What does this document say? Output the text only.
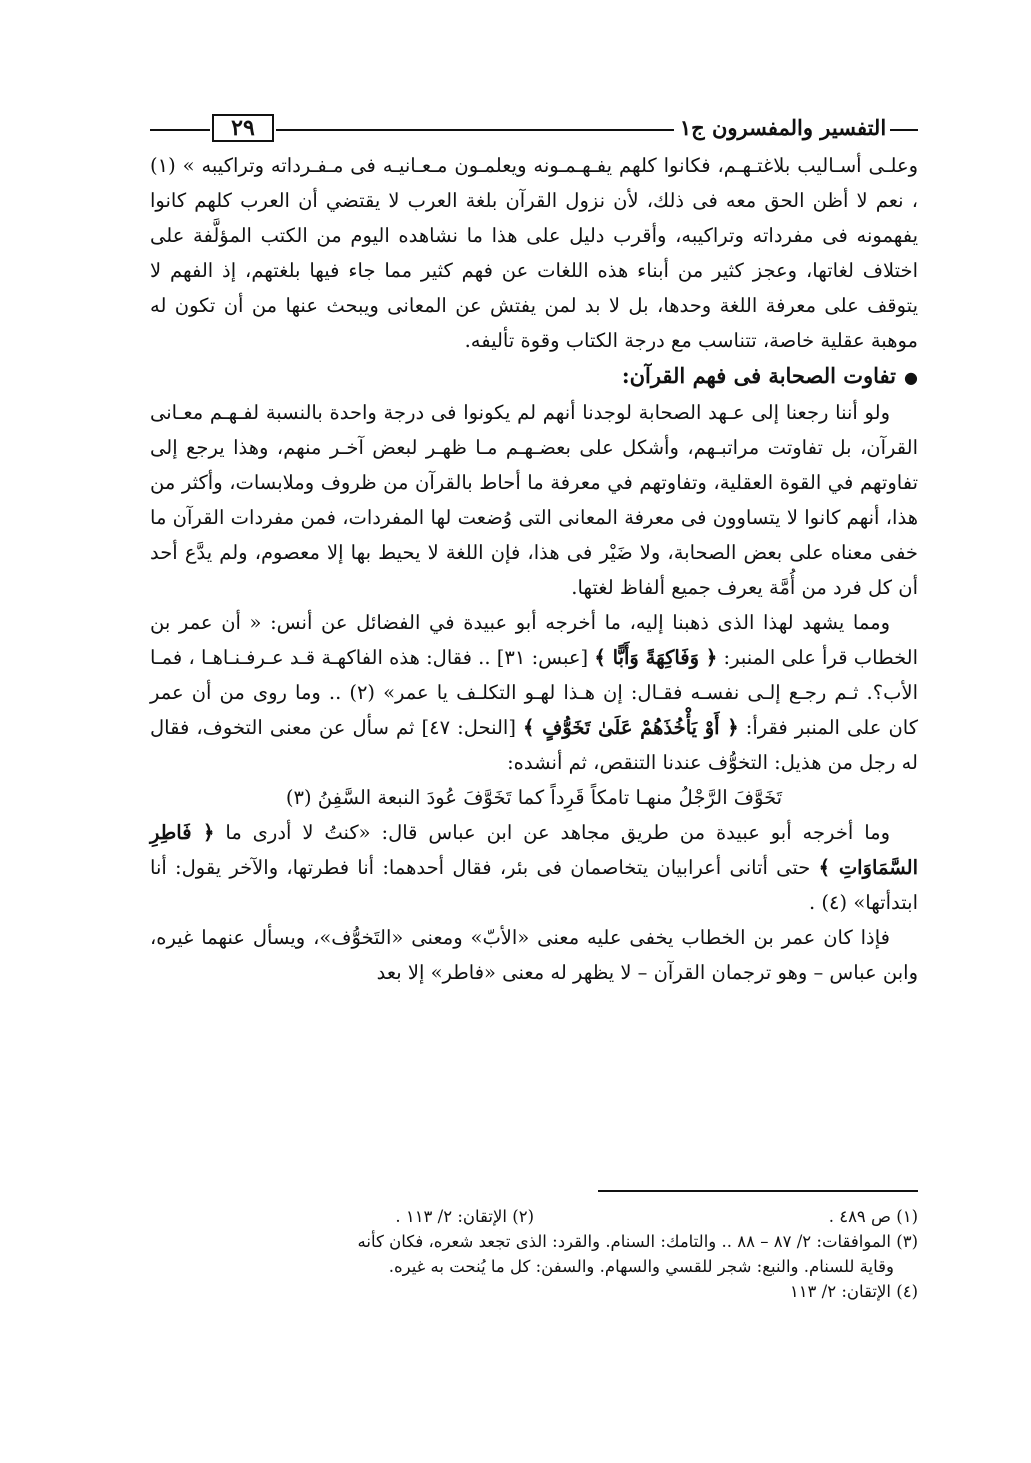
٢٩	التفسير والمفسرون ج١

وعلـى أسـاليب بلاغتـهـم، فكانوا كلهم يفـهـمـونه ويعلمـون مـعـانيـه فى مـفـرداته وتراكيبه » (١) ، نعم لا أظن الحق معه فى ذلك، لأن نزول القرآن بلغة العرب لا يقتضي أن العرب كلهم كانوا يفهمونه فى مفرداته وتراكيبه، وأقرب دليل على هذا ما نشاهده اليوم من الكتب المؤلَّفة على اختلاف لغاتها، وعجز كثير من أبناء هذه اللغات عن فهم كثير مما جاء فيها بلغتهم، إذ الفهم لا يتوقف على معرفة اللغة وحدها، بل لا بد لمن يفتش عن المعانى ويبحث عنها من أن تكون له موهبة عقلية خاصة، تتناسب مع درجة الكتاب وقوة تأليفه.

●تفاوت الصحابة فى فهم القرآن:

ولو أننا رجعنا إلى عـهد الصحابة لوجدنا أنهم لم يكونوا فى درجة واحدة بالنسبة لفـهـم معـانى القرآن، بل تفاوتت مراتبـهم، وأشكل على بعضـهـم مـا ظهـر لبعض آخـر منهم، وهذا يرجع إلى تفاوتهم في القوة العقلية، وتفاوتهم في معرفة ما أحاط بالقرآن من ظروف وملابسات، وأكثر من هذا، أنهم كانوا لا يتساوون فى معرفة المعانى التى وُضعت لها المفردات، فمن مفردات القرآن ما خفى معناه على بعض الصحابة، ولا ضَيْر فى هذا، فإن اللغة لا يحيط بها إلا معصوم، ولم يدَّع أحد أن كل فرد من أُمَّة يعرف جميع ألفاظ لغتها.

ومما يشهد لهذا الذى ذهبنا إليه، ما أخرجه أبو عبيدة في الفضائل عن أنس: « أن عمر بن الخطاب قرأ على المنبر: ﴿ وَفَاكِهَةً وَأَبًّا ﴾ [عبس: ٣١] .. فقال: هذه الفاكهـة قـد عـرفـنـاهـا ، فمـا الأب؟. ثـم رجـع إلـى نفسـه فقـال: إن هـذا لهـو التكلـف يا عمر» (٢) .. وما روى من أن عمر كان على المنبر فقرأ: ﴿ أَوْ يَأْخُذَهُمْ عَلَىٰ تَخَوُّفٍ ﴾ [النحل: ٤٧] ثم سأل عن معنى التخوف، فقال له رجل من هذيل: التخوُّف عندنا التنقص، ثم أنشده:

تَخَوَّفَ الرَّجْلُ منهـا تامكاً قَرِداً كما تَخَوَّفَ عُودَ النبعة السَّفِنُ (٣)

وما أخرجه أبو عبيدة من طريق مجاهد عن ابن عباس قال: «كنتُ لا أدرى ما ﴿ فَاطِرِ السَّمَاوَاتِ ﴾ حتى أتانى أعرابيان يتخاصمان فى بئر، فقال أحدهما: أنا فطرتها، والآخر يقول: أنا ابتدأتها» (٤) .

فإذا كان عمر بن الخطاب يخفى عليه معنى «الأبّ» ومعنى «التَخوُّف»، ويسأل عنهما غيره، وابن عباس – وهو ترجمان القرآن – لا يظهر له معنى «فاطر» إلا بعد

(١) ص ٤٨٩ .
(٢) الإتقان: ٢/ ١١٣ .

(٣) الموافقات: ٢/ ٨٧ – ٨٨ .. والتامك: السنام. والقرد: الذى تجعد شعره، فكان كأنه

وقاية للسنام. والنبع: شجر للقسي والسهام. والسفن: كل ما يُنحت به غيره.

(٤) الإتقان: ٢/ ١١٣
